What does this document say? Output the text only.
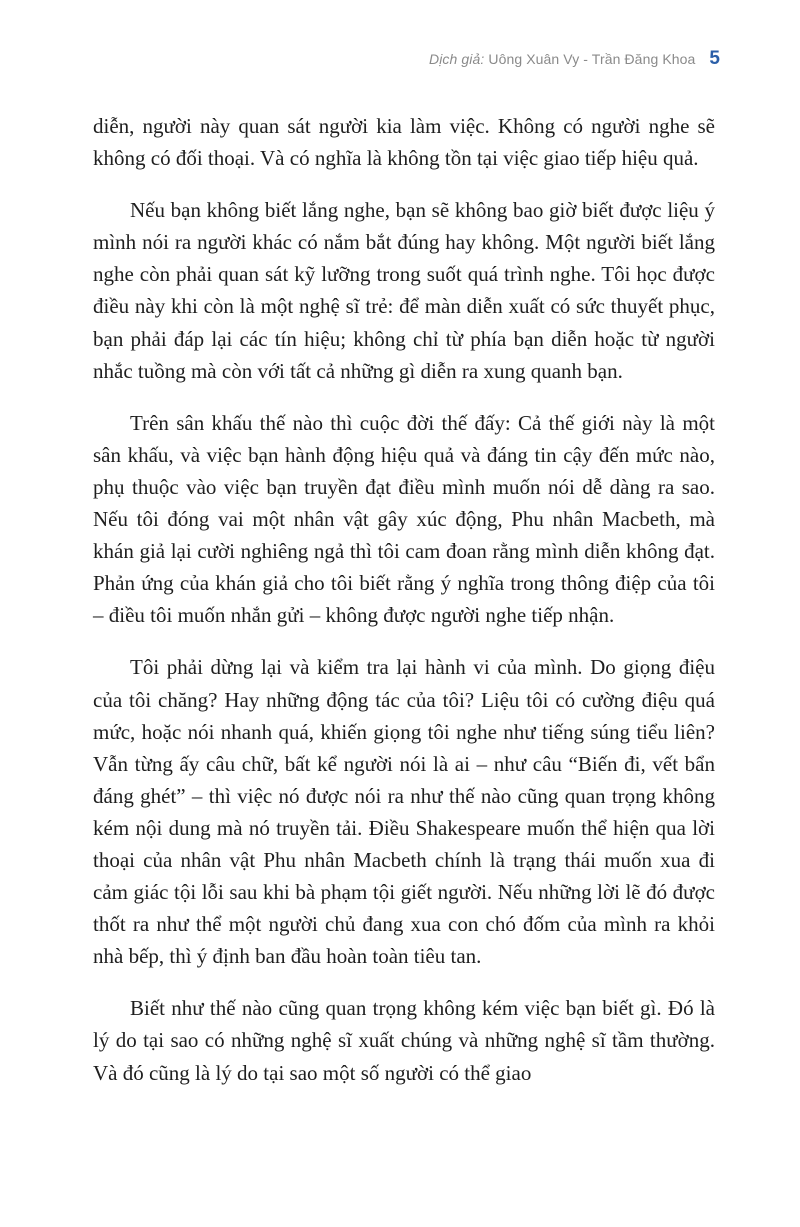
Dịch giả: Uông Xuân Vy - Trần Đăng Khoa 5

diễn, người này quan sát người kia làm việc. Không có người nghe sẽ không có đối thoại. Và có nghĩa là không tồn tại việc giao tiếp hiệu quả.

Nếu bạn không biết lắng nghe, bạn sẽ không bao giờ biết được liệu ý mình nói ra người khác có nắm bắt đúng hay không. Một người biết lắng nghe còn phải quan sát kỹ lưỡng trong suốt quá trình nghe. Tôi học được điều này khi còn là một nghệ sĩ trẻ: để màn diễn xuất có sức thuyết phục, bạn phải đáp lại các tín hiệu; không chỉ từ phía bạn diễn hoặc từ người nhắc tuồng mà còn với tất cả những gì diễn ra xung quanh bạn.

Trên sân khấu thế nào thì cuộc đời thế đấy: Cả thế giới này là một sân khấu, và việc bạn hành động hiệu quả và đáng tin cậy đến mức nào, phụ thuộc vào việc bạn truyền đạt điều mình muốn nói dễ dàng ra sao. Nếu tôi đóng vai một nhân vật gây xúc động, Phu nhân Macbeth, mà khán giả lại cười nghiêng ngả thì tôi cam đoan rằng mình diễn không đạt. Phản ứng của khán giả cho tôi biết rằng ý nghĩa trong thông điệp của tôi – điều tôi muốn nhắn gửi – không được người nghe tiếp nhận.

Tôi phải dừng lại và kiểm tra lại hành vi của mình. Do giọng điệu của tôi chăng? Hay những động tác của tôi? Liệu tôi có cường điệu quá mức, hoặc nói nhanh quá, khiến giọng tôi nghe như tiếng súng tiểu liên? Vẫn từng ấy câu chữ, bất kể người nói là ai – như câu “Biến đi, vết bẩn đáng ghét” – thì việc nó được nói ra như thế nào cũng quan trọng không kém nội dung mà nó truyền tải. Điều Shakespeare muốn thể hiện qua lời thoại của nhân vật Phu nhân Macbeth chính là trạng thái muốn xua đi cảm giác tội lỗi sau khi bà phạm tội giết người. Nếu những lời lẽ đó được thốt ra như thể một người chủ đang xua con chó đốm của mình ra khỏi nhà bếp, thì ý định ban đầu hoàn toàn tiêu tan.

Biết như thế nào cũng quan trọng không kém việc bạn biết gì. Đó là lý do tại sao có những nghệ sĩ xuất chúng và những nghệ sĩ tầm thường. Và đó cũng là lý do tại sao một số người có thể giao
